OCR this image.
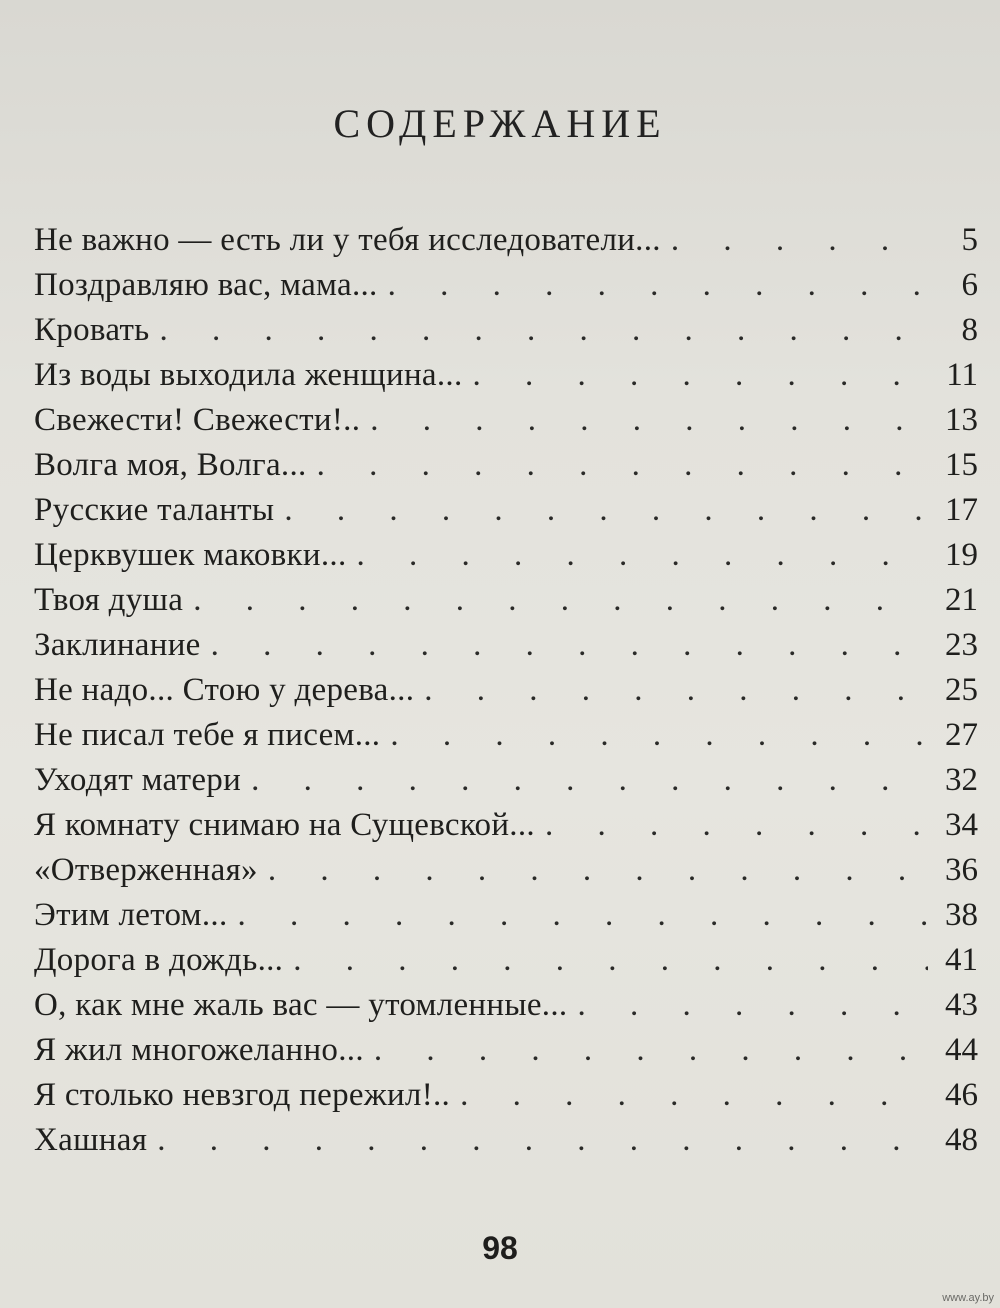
СОДЕРЖАНИЕ
Не важно — есть ли у тебя исследователи... . . .	5
Поздравляю вас, мама... . . .	6
Кровать . . .	8
Из воды выходила женщина... . . .	11
Свежести! Свежести!.. . . .	13
Волга моя, Волга... . . .	15
Русские таланты . . .	17
Церквушек маковки... . . .	19
Твоя душа . . .	21
Заклинание . . .	23
Не надо... Стою у дерева... . . .	25
Не писал тебе я писем... . . .	27
Уходят матери . . .	32
Я комнату снимаю на Сущевской... . . .	34
«Отверженная» . . .	36
Этим летом... . . .	38
Дорога в дождь... . . .	41
О, как мне жаль вас — утомленные... . . .	43
Я жил многожеланно... . . .	44
Я столько невзгод пережил!.. . . .	46
Хашная . . .	48
98
www.ay.by
